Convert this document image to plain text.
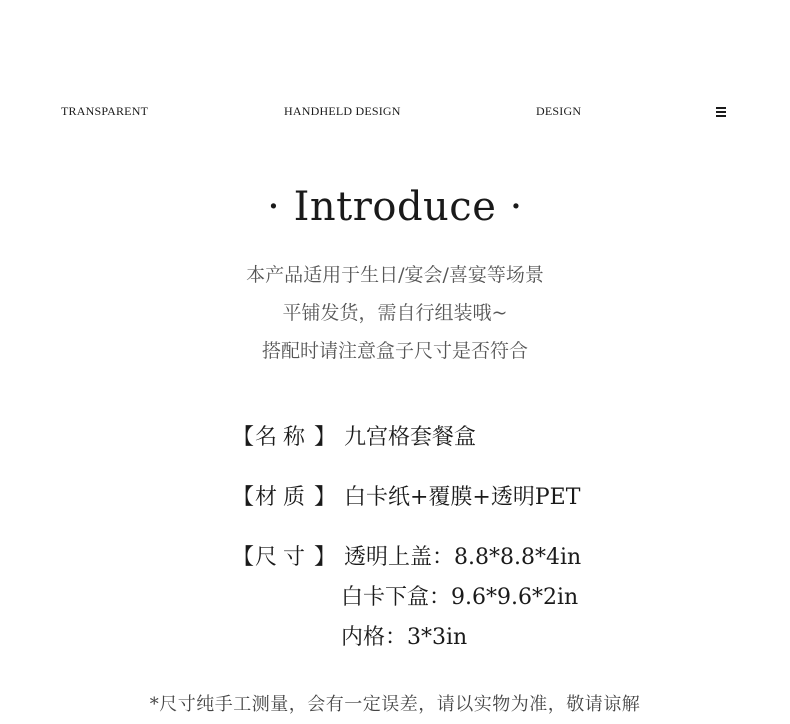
TRANSPARENT	HANDHELD DESIGN	DESIGN
· Introduce ·
本产品适用于生日/宴会/喜宴等场景
平铺发货，需自行组装哦~
搭配时请注意盒子尺寸是否符合
【 名称 】 九宫格套餐盒
【 材质 】 白卡纸+覆膜+透明PET
【 尺寸 】 透明上盖：8.8*8.8*4in
白卡下盒：9.6*9.6*2in
内格：3*3in
*尺寸纯手工测量，会有一定误差，请以实物为准，敬请谅解
